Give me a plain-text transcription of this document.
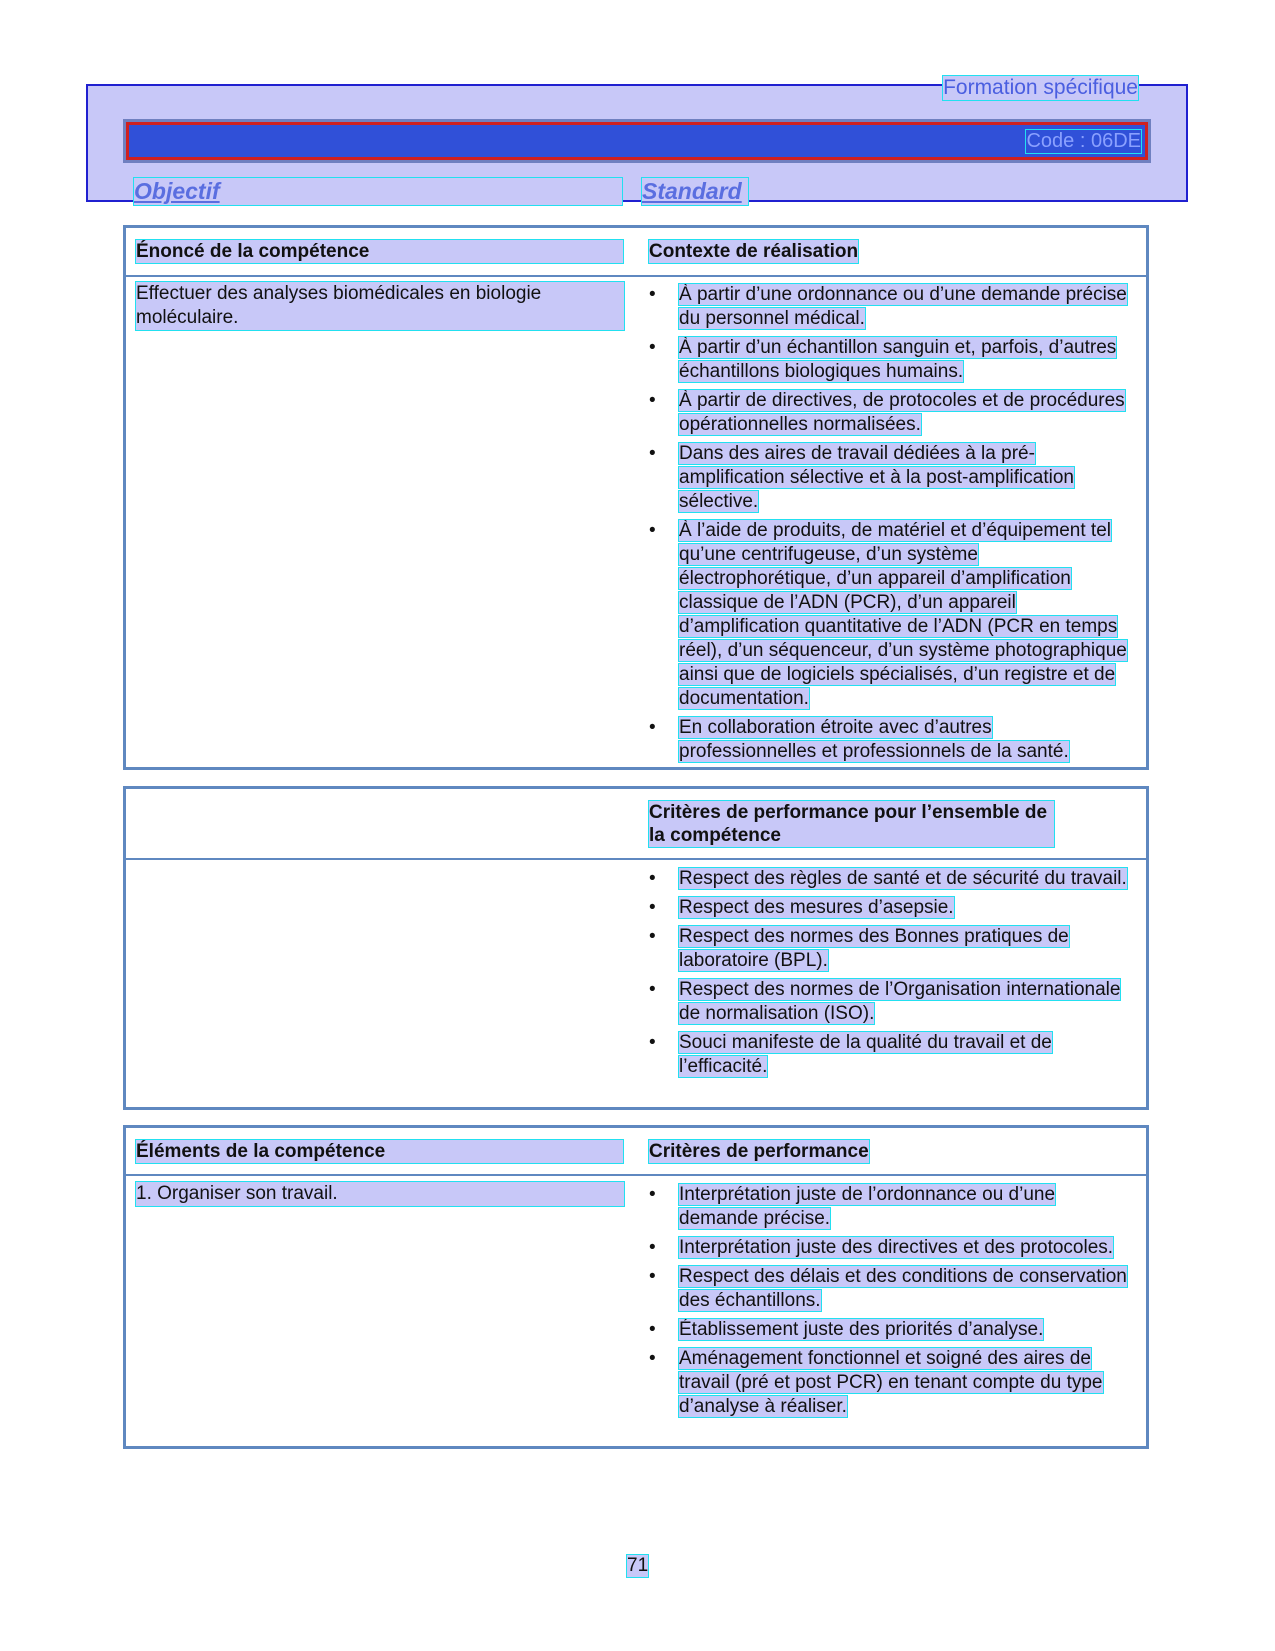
Formation spécifique
Code : 06DE
Objectif	Standard
Énoncé de la compétence	Contexte de réalisation
Effectuer des analyses biomédicales en biologie moléculaire.
• À partir d’une ordonnance ou d’une demande précise du personnel médical.
• À partir d’un échantillon sanguin et, parfois, d’autres échantillons biologiques humains.
• À partir de directives, de protocoles et de procédures opérationnelles normalisées.
• Dans des aires de travail dédiées à la pré-amplification sélective et à la post-amplification sélective.
• À l’aide de produits, de matériel et d’équipement tel qu’une centrifugeuse, d’un système électrophorétique, d’un appareil d’amplification classique de l’ADN (PCR), d’un appareil d’amplification quantitative de l’ADN (PCR en temps réel), d’un séquenceur, d’un système photographique ainsi que de logiciels spécialisés, d’un registre et de documentation.
• En collaboration étroite avec d’autres professionnelles et professionnels de la santé.
Critères de performance pour l’ensemble de la compétence
• Respect des règles de santé et de sécurité du travail.
• Respect des mesures d’asepsie.
• Respect des normes des Bonnes pratiques de laboratoire (BPL).
• Respect des normes de l’Organisation internationale de normalisation (ISO).
• Souci manifeste de la qualité du travail et de l’efficacité.
Éléments de la compétence	Critères de performance
1. Organiser son travail.
•	Interprétation juste de l’ordonnance ou d’une demande précise.
• Interprétation juste des directives et des protocoles.
• Respect des délais et des conditions de conservation des échantillons.
• Établissement juste des priorités d’analyse.
• Aménagement fonctionnel et soigné des aires de travail (pré et post PCR) en tenant compte du type d’analyse à réaliser.
71
